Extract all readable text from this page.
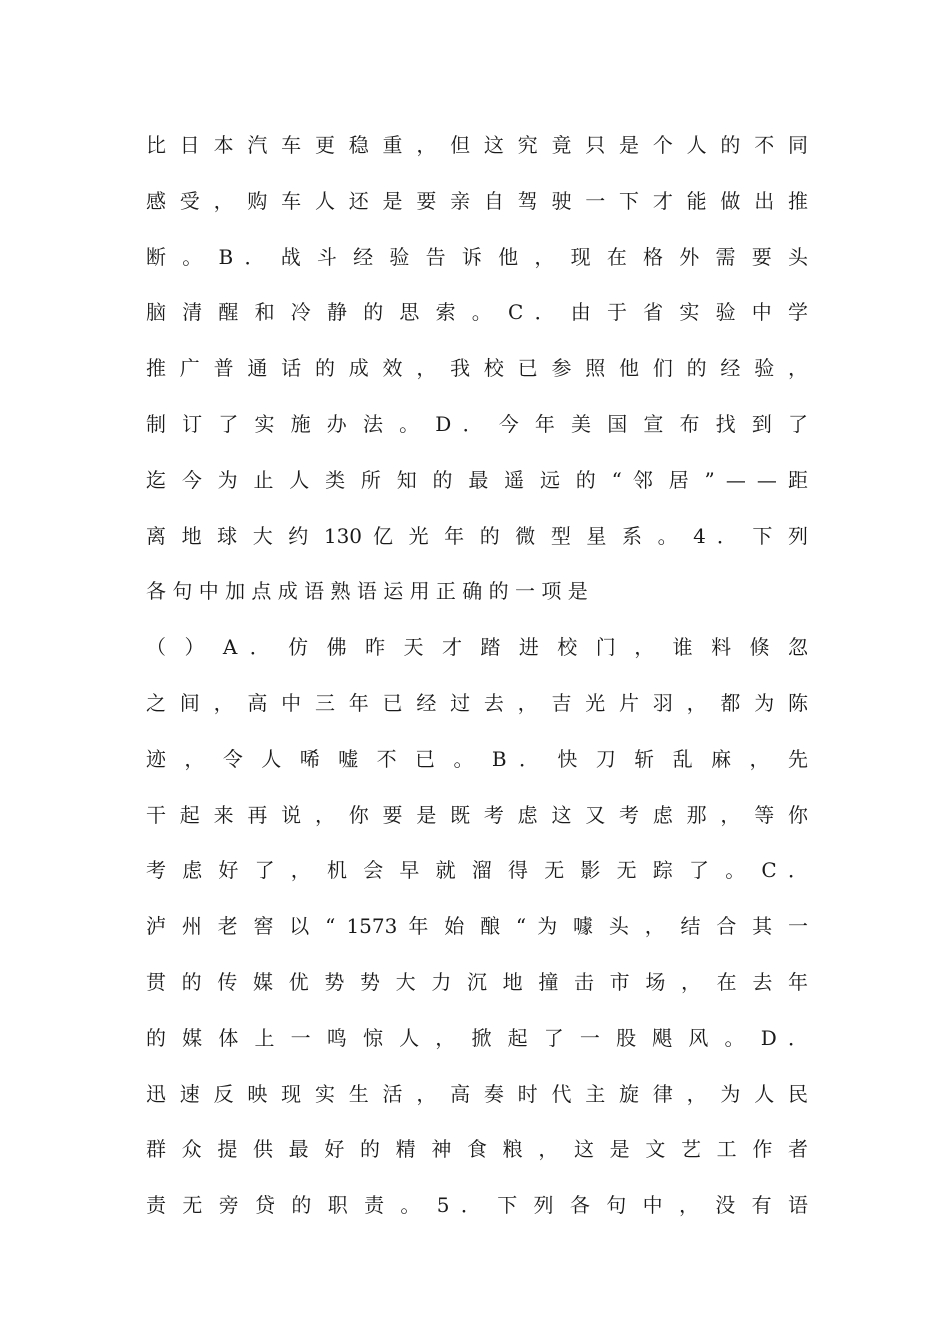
比 日 本 汽 车 更 稳 重 ， 但 这 究 竟 只 是 个 人 的 不 同
感 受 ， 购 车 人 还 是 要 亲 自 驾 驶 一 下 才 能 做 出 推
断 。 B ． 战 斗 经 验 告 诉 他 ， 现 在 格 外 需 要 头
脑 清 醒 和 冷 静 的 思 索 。 C ． 由 于 省 实 验 中 学
推 广 普 通 话 的 成 效 ， 我 校 已 参 照 他 们 的 经 验 ，
制 订 了 实 施 办 法 。 D ． 今 年 美 国 宣 布 找 到 了
迄 今 为 止 人 类 所 知 的 最 遥 远 的 “ 邻 居 ” — — 距
离 地 球 大 约 130 亿 光 年 的 微 型 星 系 。 4 ． 下 列
各 句 中 加 点 成 语 熟 语 运 用 正 确 的 一 项 是
（ ） A ． 仿 佛 昨 天 才 踏 进 校 门 ， 谁 料 倏 忽
之 间 ， 高 中 三 年 已 经 过 去 ， 吉 光 片 羽 ， 都 为 陈
迹 ， 令 人 唏 嘘 不 已 。 B ． 快 刀 斩 乱 麻 ， 先
干 起 来 再 说 ， 你 要 是 既 考 虑 这 又 考 虑 那 ， 等 你
考 虑 好 了 ， 机 会 早 就 溜 得 无 影 无 踪 了 。 C ．
泸 州 老 窖 以 “ 1573 年 始 酿 “ 为 噱 头 ， 结 合 其 一
贯 的 传 媒 优 势 势 大 力 沉 地 撞 击 市 场 ， 在 去 年
的 媒 体 上 一 鸣 惊 人 ， 掀 起 了 一 股 飓 风 。 D ．
迅 速 反 映 现 实 生 活 ， 高 奏 时 代 主 旋 律 ， 为 人 民
群 众 提 供 最 好 的 精 神 食 粮 ， 这 是 文 艺 工 作 者
责 无 旁 贷 的 职 责 。 5 ． 下 列 各 句 中 ， 没 有 语
